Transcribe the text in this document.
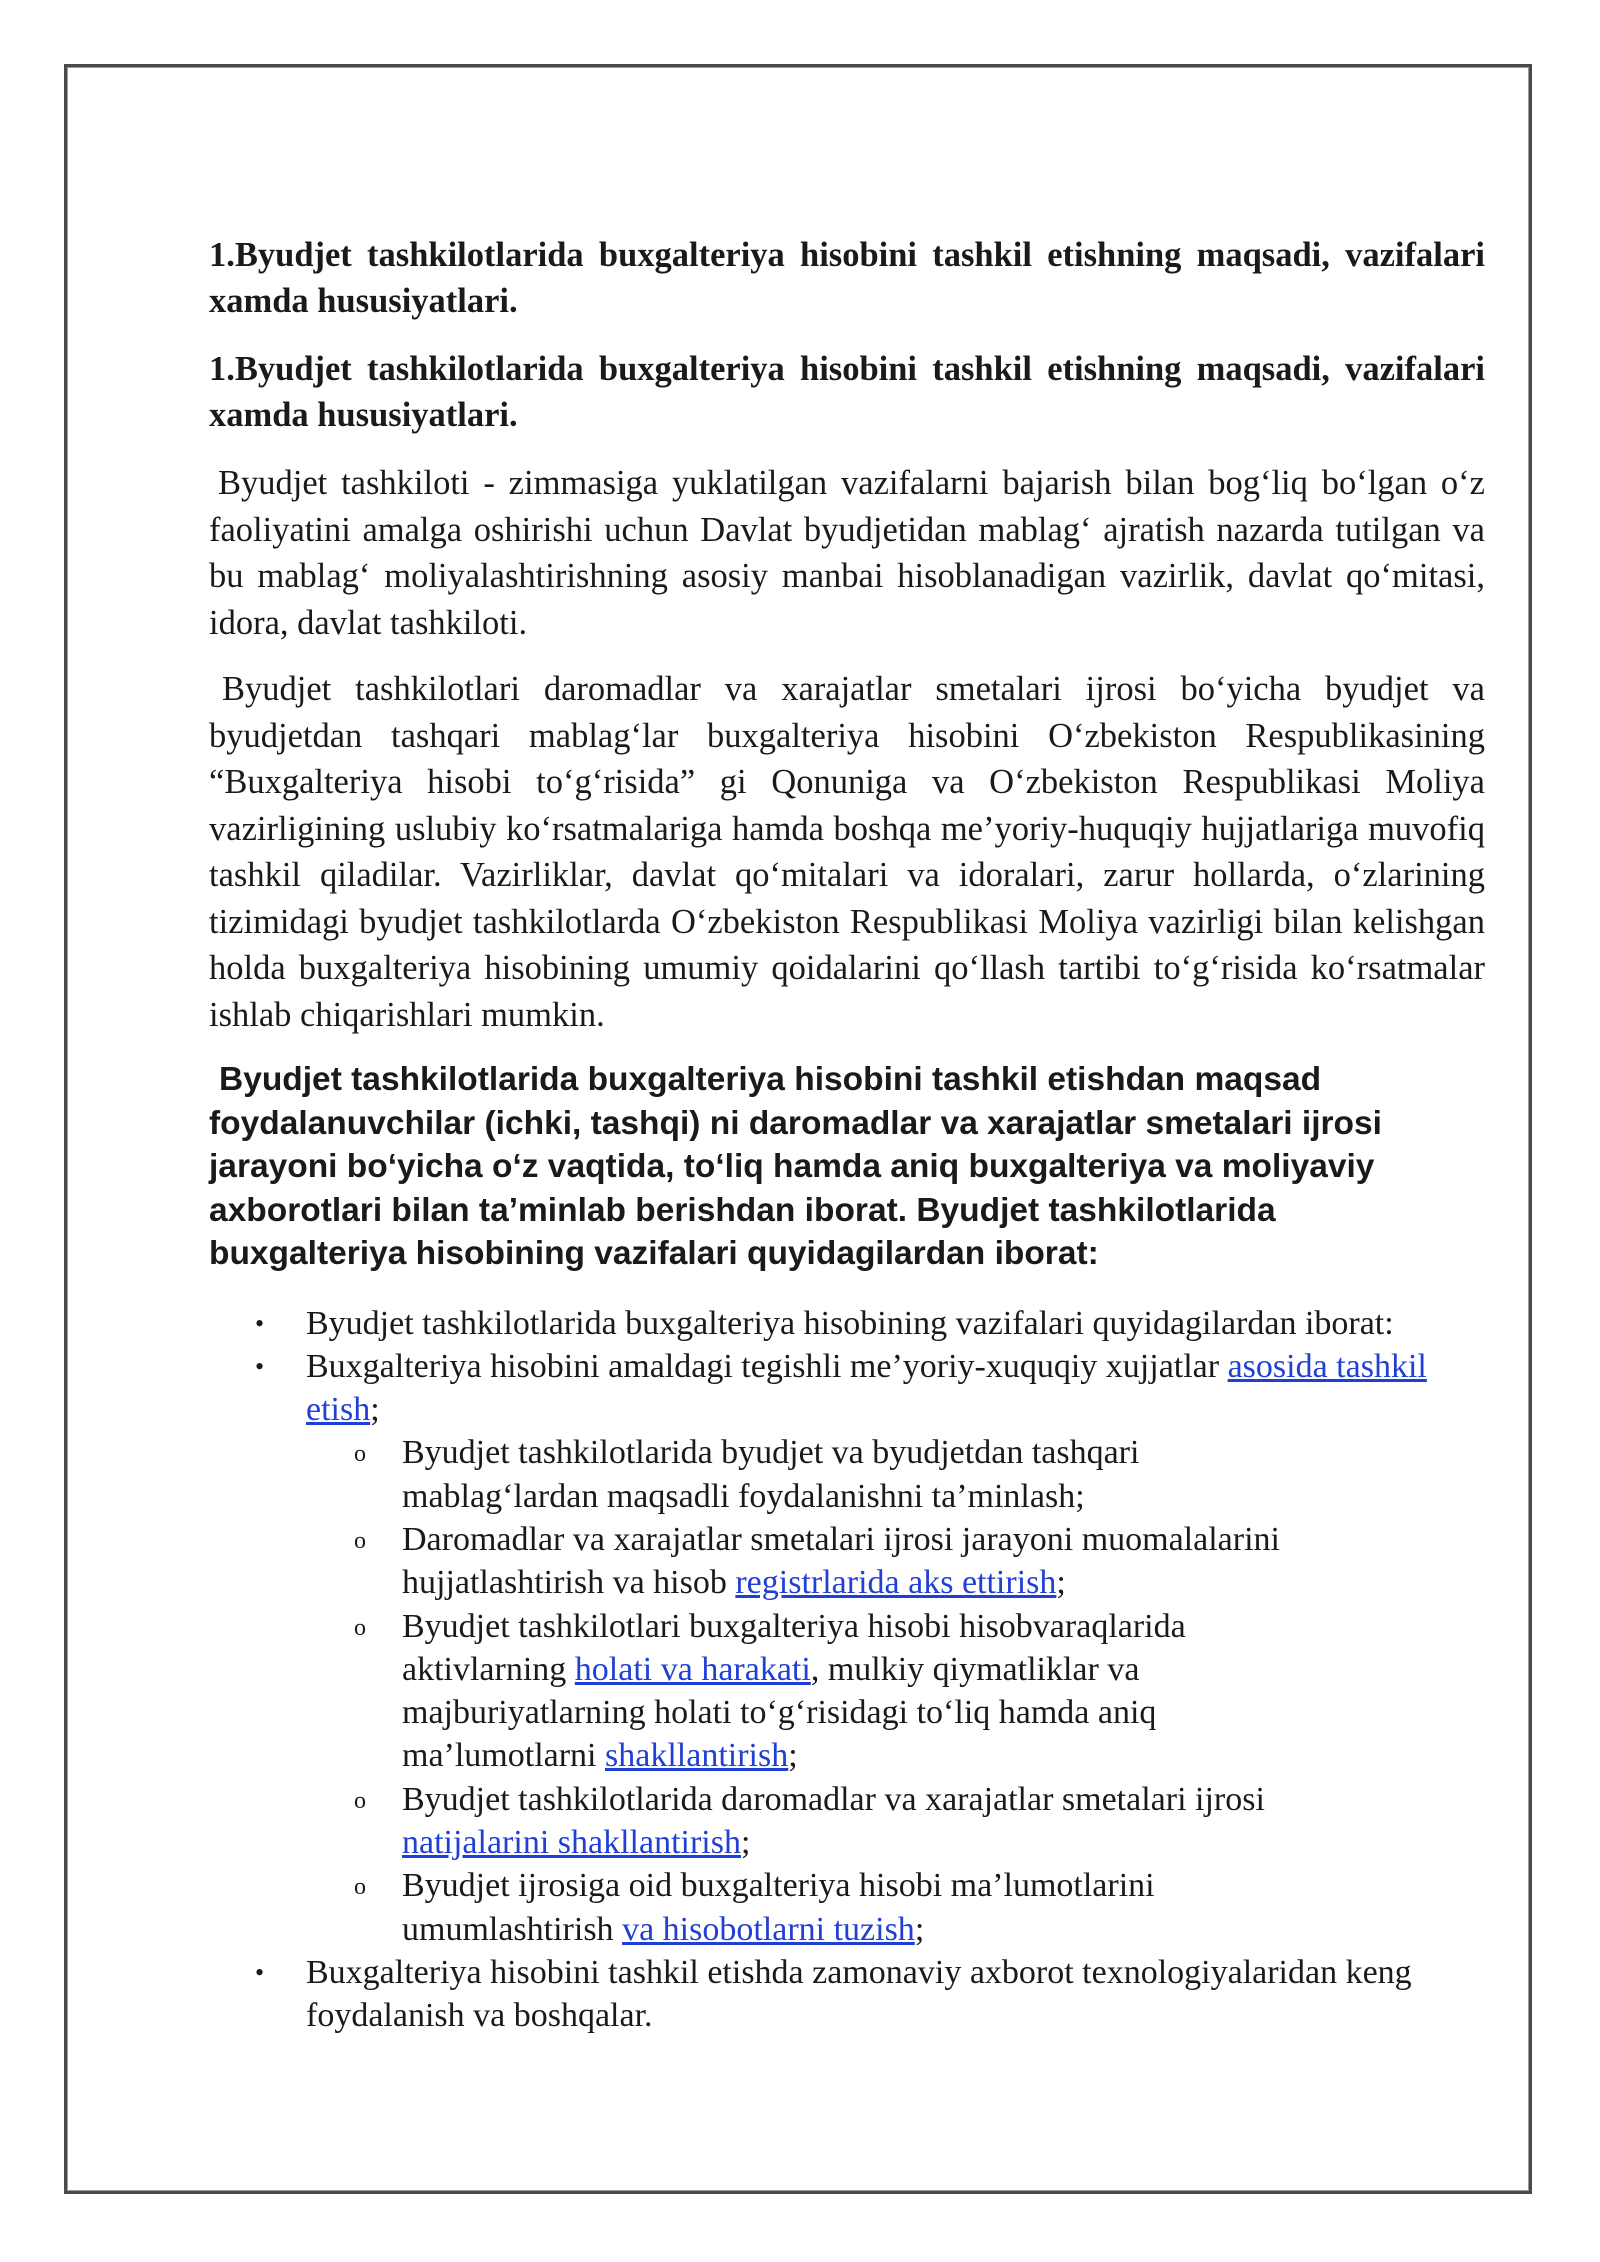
1.Byudjet tashkilotlarida buxgalteriya hisobini tashkil etishning maqsadi, vazifalari xamda hususiyatlari.

1.Byudjet tashkilotlarida buxgalteriya hisobini tashkil etishning maqsadi, vazifalari xamda hususiyatlari.

Byudjet tashkiloti - zimmasiga yuklatilgan vazifalarni bajarish bilan bog‘liq bo‘lgan o‘z faoliyatini amalga oshirishi uchun Davlat byudjetidan mablag‘ ajratish nazarda tutilgan va bu mablag‘ moliyalashtirishning asosiy manbai hisoblanadigan vazirlik, davlat qo‘mitasi, idora, davlat tashkiloti.

Byudjet tashkilotlari daromadlar va xarajatlar smetalari ijrosi bo‘yicha byudjet va byudjetdan tashqari mablag‘lar buxgalteriya hisobini O‘zbekiston Respublikasining “Buxgalteriya hisobi to‘g‘risida” gi Qonuniga va O‘zbekiston Respublikasi Moliya vazirligining uslubiy ko‘rsatmalariga hamda boshqa me’yoriy-huquqiy hujjatlariga muvofiq tashkil qiladilar. Vazirliklar, davlat qo‘mitalari va idoralari, zarur hollarda, o‘zlarining tizimidagi byudjet tashkilotlarda O‘zbekiston Respublikasi Moliya vazirligi bilan kelishgan holda buxgalteriya hisobining umumiy qoidalarini qo‘llash tartibi to‘g‘risida ko‘rsatmalar ishlab chiqarishlari mumkin.

Byudjet tashkilotlarida buxgalteriya hisobini tashkil etishdan maqsad foydalanuvchilar (ichki, tashqi) ni daromadlar va xarajatlar smetalari ijrosi jarayoni bo‘yicha o‘z vaqtida, to‘liq hamda aniq buxgalteriya va moliyaviy axborotlari bilan ta’minlab berishdan iborat. Byudjet tashkilotlarida buxgalteriya hisobining vazifalari quyidagilardan iborat:

• Byudjet tashkilotlarida buxgalteriya hisobining vazifalari quyidagilardan iborat:
• Buxgalteriya hisobini amaldagi tegishli me’yoriy-xuquqiy xujjatlar asosida tashkil etish;
o Byudjet tashkilotlarida byudjet va byudjetdan tashqari mablag‘lardan maqsadli foydalanishni ta’minlash;
o Daromadlar va xarajatlar smetalari ijrosi jarayoni muomalalarini hujjatlashtirish va hisob registrlarida aks ettirish;
o Byudjet tashkilotlari buxgalteriya hisobi hisobvaraqlarida aktivlarning holati va harakati, mulkiy qiymatliklar va majburiyatlarning holati to‘g‘risidagi to‘liq hamda aniq ma’lumotlarni shakllantirish;
o Byudjet tashkilotlarida daromadlar va xarajatlar smetalari ijrosi natijalarini shakllantirish;
o Byudjet ijrosiga oid buxgalteriya hisobi ma’lumotlarini umumlashtirish va hisobotlarni tuzish;
• Buxgalteriya hisobini tashkil etishda zamonaviy axborot texnologiyalaridan keng foydalanish va boshqalar.
